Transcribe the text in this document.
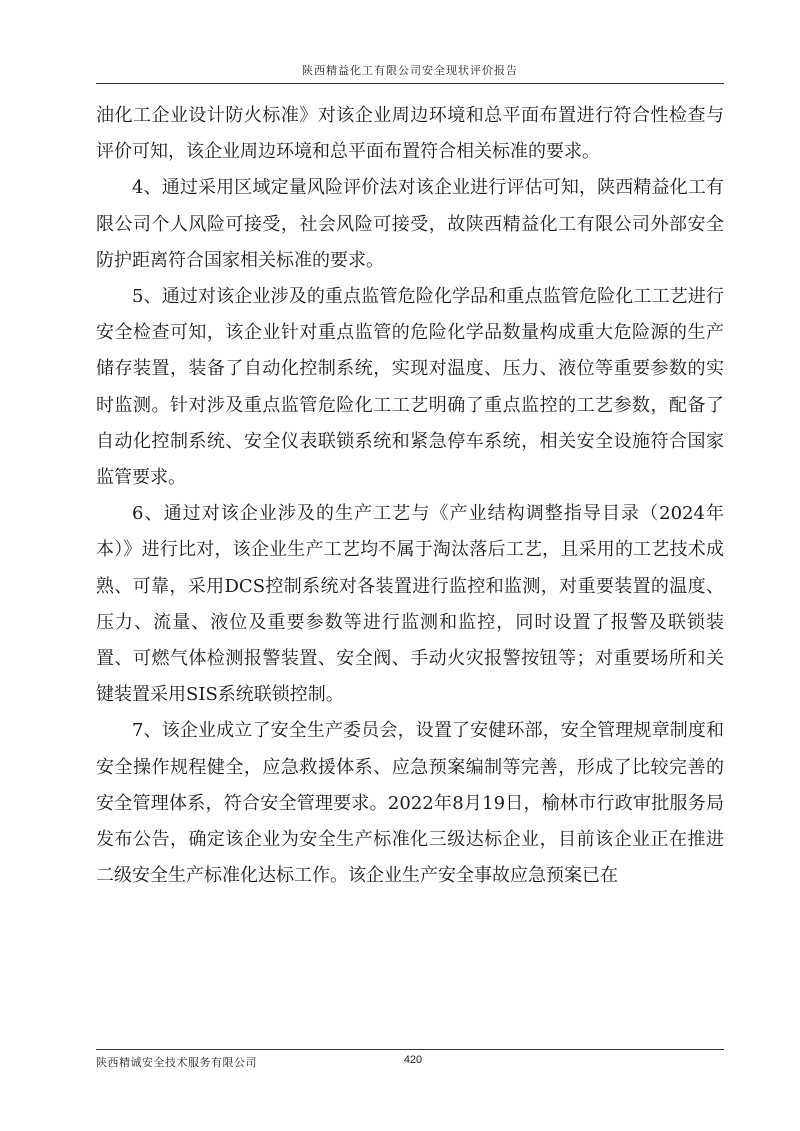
陕西精益化工有限公司安全现状评价报告

油化工企业设计防火标准》对该企业周边环境和总平面布置进行符合性检查与评价可知，该企业周边环境和总平面布置符合相关标准的要求。

4、通过采用区域定量风险评价法对该企业进行评估可知，陕西精益化工有限公司个人风险可接受，社会风险可接受，故陕西精益化工有限公司外部安全防护距离符合国家相关标准的要求。

5、通过对该企业涉及的重点监管危险化学品和重点监管危险化工工艺进行安全检查可知，该企业针对重点监管的危险化学品数量构成重大危险源的生产储存装置，装备了自动化控制系统，实现对温度、压力、液位等重要参数的实时监测。针对涉及重点监管危险化工工艺明确了重点监控的工艺参数，配备了自动化控制系统、安全仪表联锁系统和紧急停车系统，相关安全设施符合国家监管要求。

6、通过对该企业涉及的生产工艺与《产业结构调整指导目录（2024年本）》进行比对，该企业生产工艺均不属于淘汰落后工艺，且采用的工艺技术成熟、可靠，采用DCS控制系统对各装置进行监控和监测，对重要装置的温度、压力、流量、液位及重要参数等进行监测和监控，同时设置了报警及联锁装置、可燃气体检测报警装置、安全阀、手动火灾报警按钮等；对重要场所和关键装置采用SIS系统联锁控制。

7、该企业成立了安全生产委员会，设置了安健环部，安全管理规章制度和安全操作规程健全，应急救援体系、应急预案编制等完善，形成了比较完善的安全管理体系，符合安全管理要求。2022年8月19日，榆林市行政审批服务局发布公告，确定该企业为安全生产标准化三级达标企业，目前该企业正在推进二级安全生产标准化达标工作。该企业生产安全事故应急预案已在

陕西精诚安全技术服务有限公司	420
